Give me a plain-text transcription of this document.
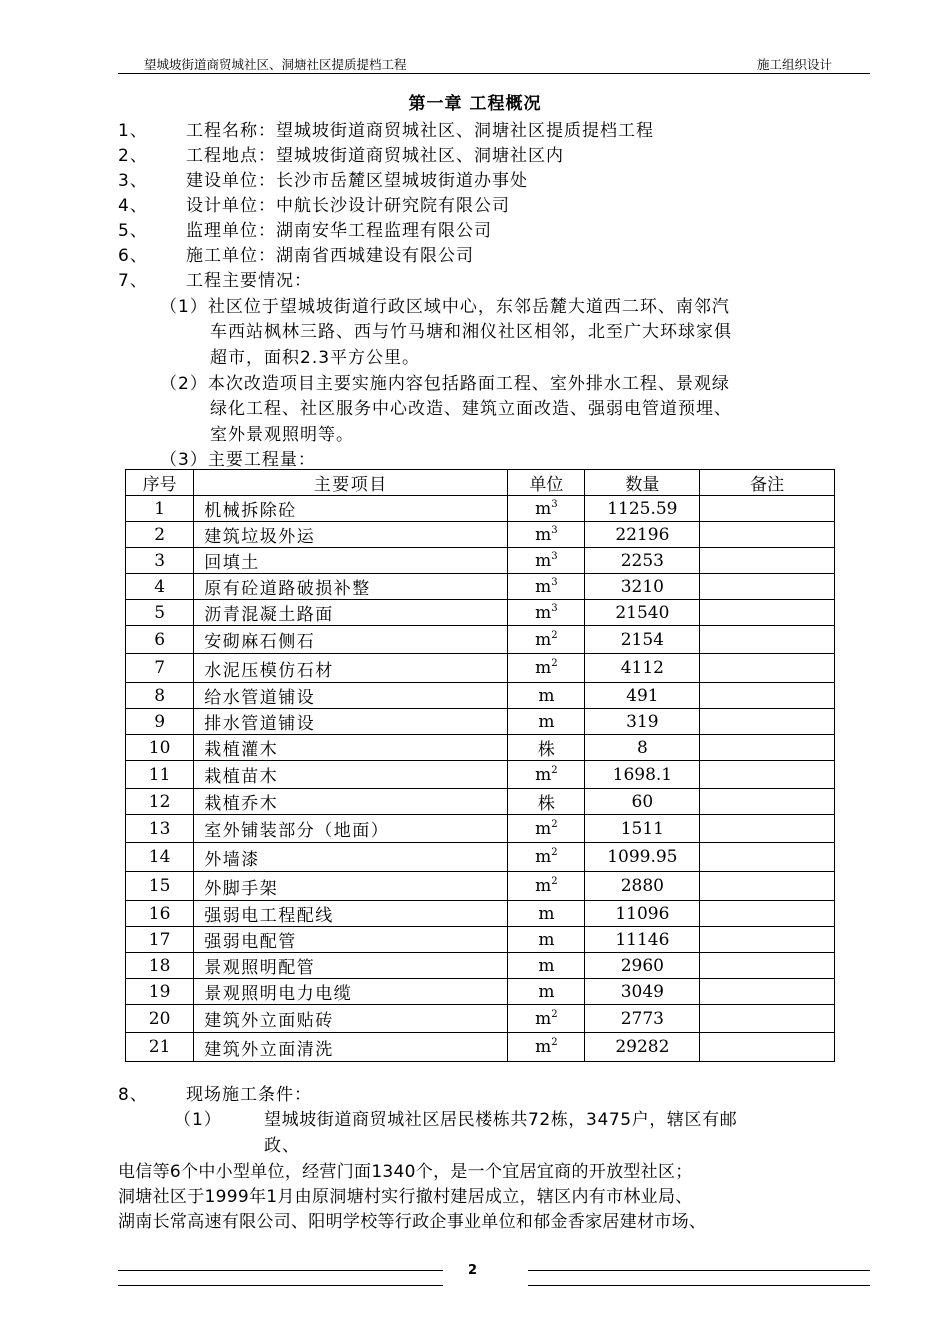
望城坡街道商贸城社区、洞塘社区提质提档工程	施工组织设计
第一章 工程概况
1、 工程名称：望城坡街道商贸城社区、洞塘社区提质提档工程
2、 工程地点：望城坡街道商贸城社区、洞塘社区内
3、 建设单位：长沙市岳麓区望城坡街道办事处
4、 设计单位：中航长沙设计研究院有限公司
5、 监理单位：湖南安华工程监理有限公司
6、 施工单位：湖南省西城建设有限公司
7、 工程主要情况：
（1）社区位于望城坡街道行政区域中心，东邻岳麓大道西二环、南邻汽
车西站枫林三路、西与竹马塘和湘仪社区相邻，北至广大环球家俱
超市，面积2.3平方公里。
（2）本次改造项目主要实施内容包括路面工程、室外排水工程、景观绿
绿化工程、社区服务中心改造、建筑立面改造、强弱电管道预埋、
室外景观照明等。
（3）主要工程量：
序号	主要项目	单位	数量	备注
1	机械拆除砼	$m^3$	1125.59	
2	建筑垃圾外运	$m^3$	22196	
3	回填土	$m^3$	2253	
4	原有砼道路破损补整	$m^3$	3210	
5	沥青混凝土路面	$m^3$	21540	
6	安砌麻石侧石	$m^2$	2154	
7	水泥压模仿石材	$m^2$	4112	
8	给水管道铺设	m	491	
9	排水管道铺设	m	319	
10	栽植灌木	株	8	
11	栽植苗木	$m^2$	1698.1	
12	栽植乔木	株	60	
13	室外铺装部分（地面）	$m^2$	1511	
14	外墙漆	$m^2$	1099.95	
15	外脚手架	$m^2$	2880	
16	强弱电工程配线	m	11096	
17	强弱电配管	m	11146	
18	景观照明配管	m	2960	
19	景观照明电力电缆	m	3049	
20	建筑外立面贴砖	$m^2$	2773	
21	建筑外立面清洗	$m^2$	29282	
8、 现场施工条件：
（1） 望城坡街道商贸城社区居民楼栋共72栋，3475户，辖区有邮
政、
电信等6个中小型单位，经营门面1340个，是一个宜居宜商的开放型社区；
洞塘社区于1999年1月由原洞塘村实行撤村建居成立，辖区内有市林业局、
湖南长常高速有限公司、阳明学校等行政企事业单位和郁金香家居建材市场、
2
